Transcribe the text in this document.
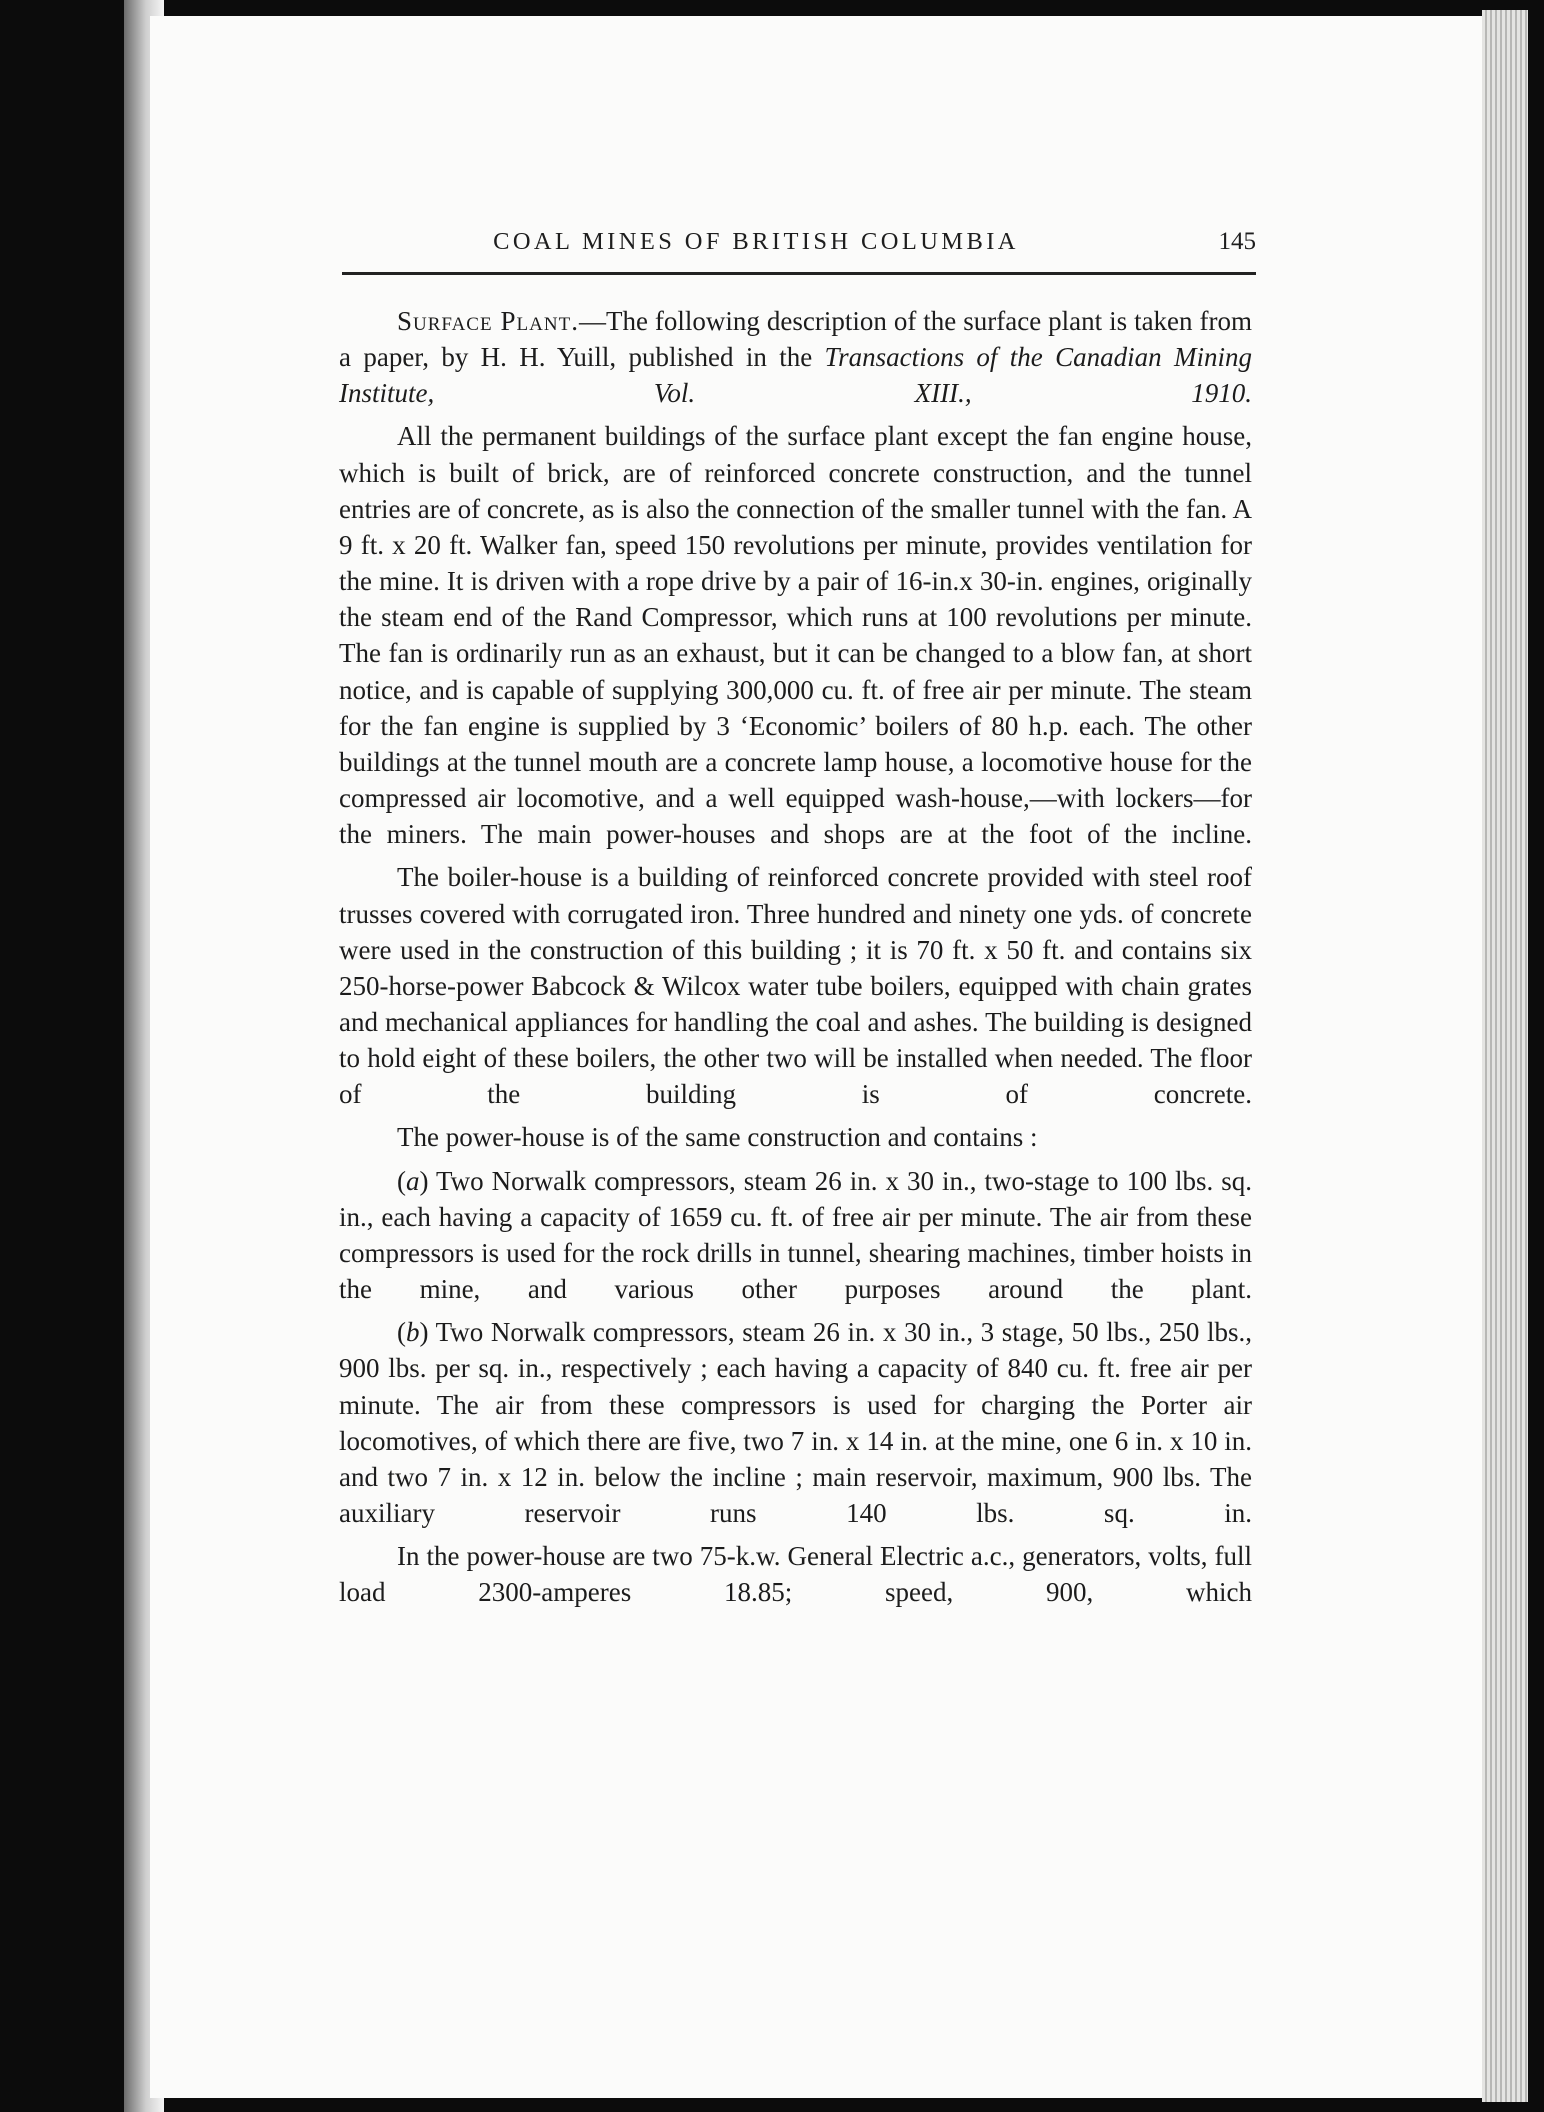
COAL MINES OF BRITISH COLUMBIA	145

Surface Plant.—The following description of the surface plant is taken from a paper, by H. H. Yuill, published in the Transactions of the Canadian Mining Institute, Vol. XIII., 1910.

All the permanent buildings of the surface plant except the fan engine house, which is built of brick, are of reinforced concrete construction, and the tunnel entries are of concrete, as is also the connection of the smaller tunnel with the fan. A 9 ft. x 20 ft. Walker fan, speed 150 revolutions per minute, provides ventilation for the mine. It is driven with a rope drive by a pair of 16-in.x 30-in. engines, originally the steam end of the Rand Compressor, which runs at 100 revolutions per minute. The fan is ordinarily run as an exhaust, but it can be changed to a blow fan, at short notice, and is capable of supplying 300,000 cu. ft. of free air per minute. The steam for the fan engine is supplied by 3 ‘Economic’ boilers of 80 h.p. each. The other buildings at the tunnel mouth are a concrete lamp house, a locomotive house for the compressed air locomotive, and a well equipped wash-house,—with lockers—for the miners. The main power-houses and shops are at the foot of the incline.

The boiler-house is a building of reinforced concrete provided with steel roof trusses covered with corrugated iron. Three hundred and ninety one yds. of concrete were used in the construction of this building ; it is 70 ft. x 50 ft. and contains six 250-horse-power Babcock & Wilcox water tube boilers, equipped with chain grates and mechanical appliances for handling the coal and ashes. The building is designed to hold eight of these boilers, the other two will be installed when needed. The floor of the building is of concrete.

The power-house is of the same construction and contains :

(a) Two Norwalk compressors, steam 26 in. x 30 in., two-stage to 100 lbs. sq. in., each having a capacity of 1659 cu. ft. of free air per minute. The air from these compressors is used for the rock drills in tunnel, shearing machines, timber hoists in the mine, and various other purposes around the plant.

(b) Two Norwalk compressors, steam 26 in. x 30 in., 3 stage, 50 lbs., 250 lbs., 900 lbs. per sq. in., respectively ; each having a capacity of 840 cu. ft. free air per minute. The air from these compressors is used for charging the Porter air locomotives, of which there are five, two 7 in. x 14 in. at the mine, one 6 in. x 10 in. and two 7 in. x 12 in. below the incline ; main reservoir, maximum, 900 lbs. The auxiliary reservoir runs 140 lbs. sq. in.

In the power-house are two 75-k.w. General Electric a.c., generators, volts, full load 2300-amperes 18.85; speed, 900, which
